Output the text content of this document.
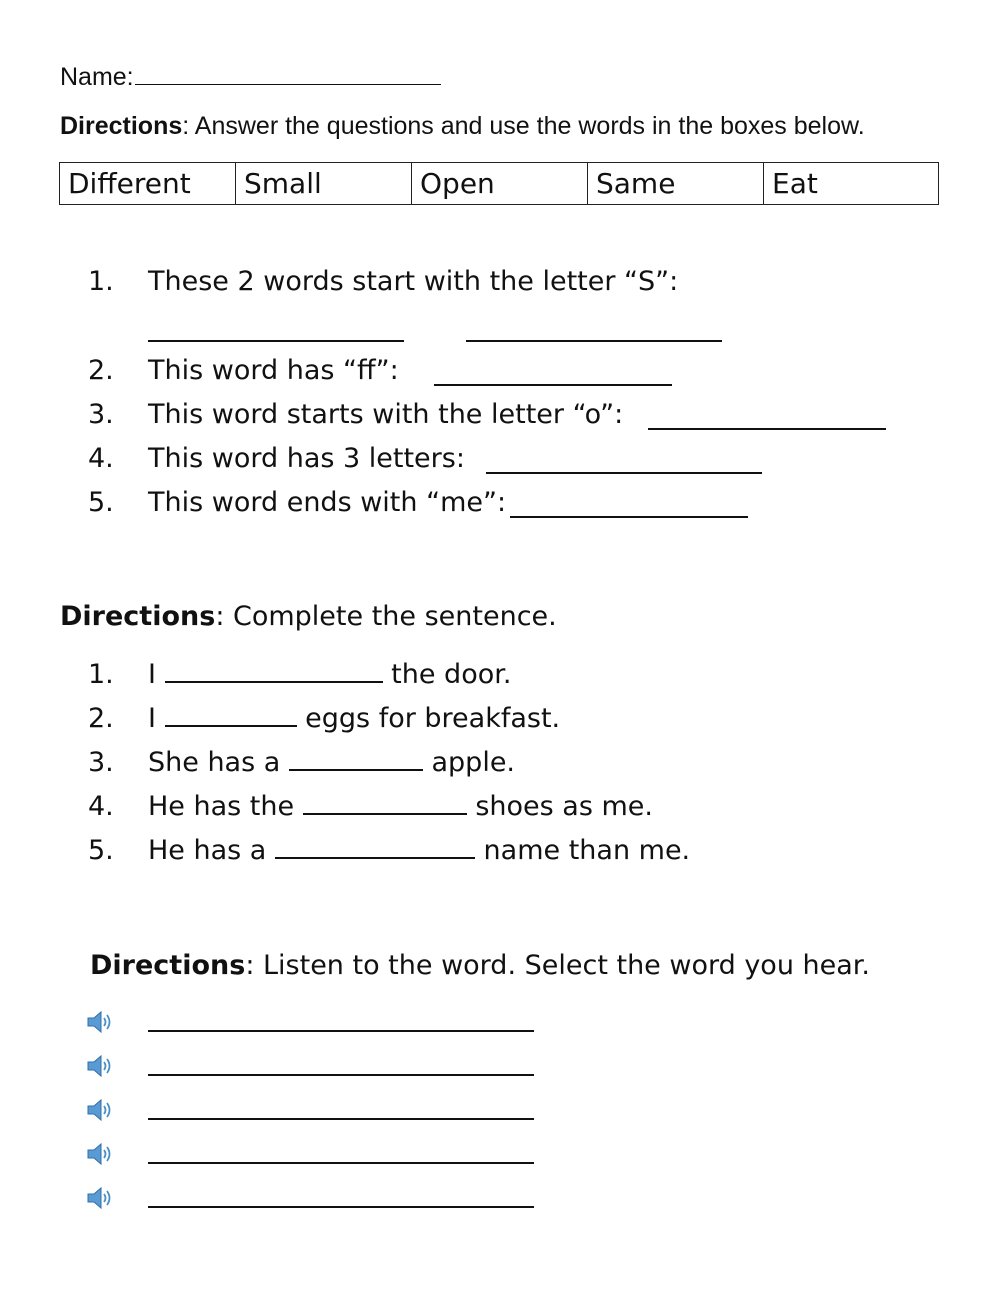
Name:
Directions: Answer the questions and use the words in the boxes below.
Different	Small	Open	Same	Eat
1. These 2 words start with the letter “S”:
2. This word has “ff”:
3. This word starts with the letter “o”:
4. This word has 3 letters:
5. This word ends with “me”:
Directions: Complete the sentence.
1. I	the door.
2. I	eggs for breakfast.
3. She has a	apple.
4. He has the	shoes as me.
5. He has a	name than me.
Directions: Listen to the word. Select the word you hear.
